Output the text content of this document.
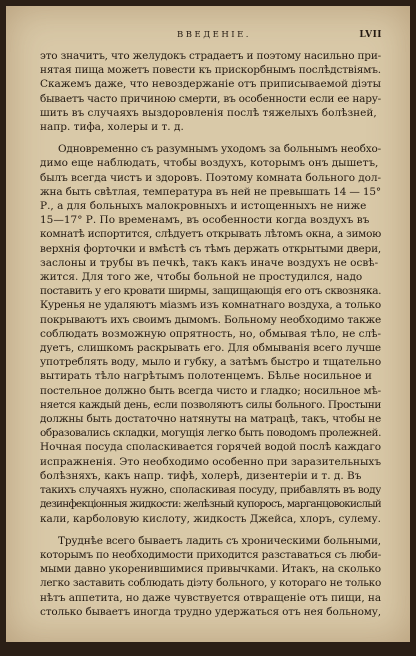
ВВЕДЕНІЕ.	LVII
это значитъ, что желудокъ страдаетъ и поэтому насильно при-
нятая пища можетъ повести къ прискорбнымъ послѣдствіямъ.
Скажемъ даже, что невоздержаніе отъ приписываемой діэты
бываетъ часто причиною смерти, въ особенности если ее нару-
шить въ случаяхъ выздоровленія послѣ тяжелыхъ болѣзней,
напр. тифа, холеры и т. д.
Одновременно съ разумнымъ уходомъ за больнымъ необхо-
димо еще наблюдать, чтобы воздухъ, которымъ онъ дышетъ,
былъ всегда чистъ и здоровъ. Поэтому комната больного дол-
жна быть свѣтлая, температура въ ней не превышать 14 — 15°
Р., а для больныхъ малокровныхъ и истощенныхъ не ниже
15—17° Р. По временамъ, въ особенности когда воздухъ въ
комнатѣ испортится, слѣдуетъ открывать лѣтомъ окна, а зимою
верхнія форточки и вмѣстѣ съ тѣмъ держать открытыми двери,
заслоны и трубы въ печкѣ, такъ какъ иначе воздухъ не освѣ-
жится. Для того же, чтобы больной не простудился, надо
поставить у его кровати ширмы, защищающія его отъ сквозняка.
Куренья не удаляютъ міазмъ изъ комнатнаго воздуха, а только
покрываютъ ихъ своимъ дымомъ. Больному необходимо также
соблюдать возможную опрятность, но, обмывая тѣло, не слѣ-
дуетъ, слишкомъ раскрывать его. Для обмыванія всего лучше
употреблять воду, мыло и губку, а затѣмъ быстро и тщательно
вытирать тѣло нагрѣтымъ полотенцемъ. Бѣлье носильное и
постельное должно быть всегда чисто и гладко; носильное мѣ-
няется каждый день, если позволяютъ силы больного. Простыни
должны быть достаточно натянуты на матрацѣ, такъ, чтобы не
образовались складки, могущія легко быть поводомъ пролежней.
Ночная посуда споласкивается горячей водой послѣ каждаго
испражненія. Это необходимо особенно при заразительныхъ
болѣзняхъ, какъ напр. тифѣ, холерѣ, дизентеріи и т. д. Въ
такихъ случаяхъ нужно, споласкивая посуду, прибавлять въ воду
дезинфекціонныя жидкости: желѣзный купоросъ, марганцовокислый
кали, карболовую кислоту, жидкость Джейса, хлоръ, сулему.
Труднѣе всего бываетъ ладить съ хроническими больными,
которымъ по необходимости приходится разставаться съ люби-
мыми давно укоренившимися привычками. Итакъ, на сколько
легко заставить соблюдать діэту больного, у котораго не только
нѣтъ аппетита, но даже чувствуется отвращеніе отъ пищи, на
столько бываетъ иногда трудно удержаться отъ нея больному,
